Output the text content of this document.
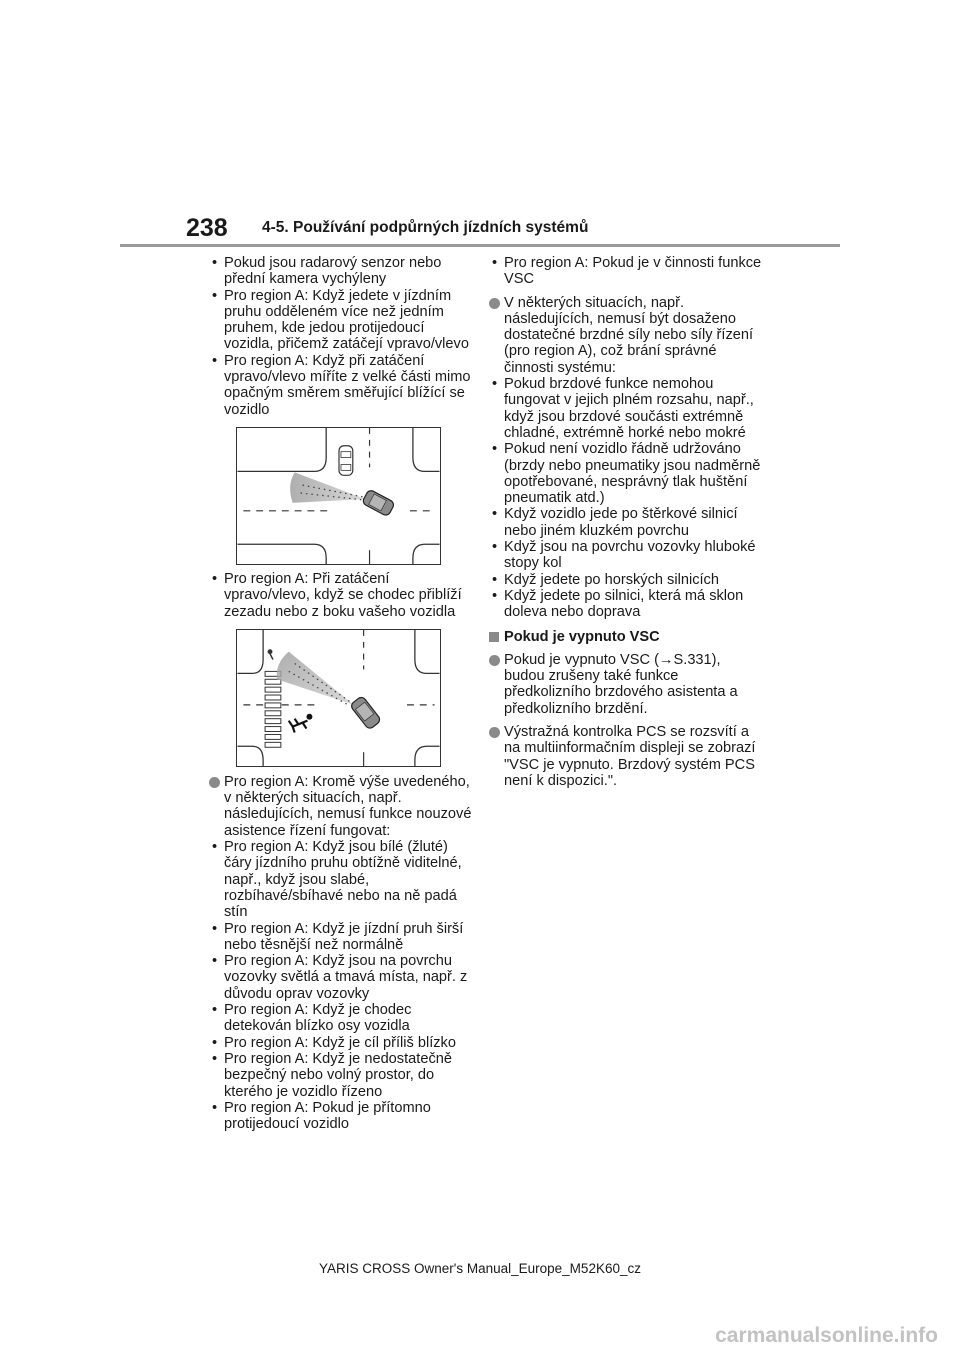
238 4-5. Používání podpůrných jízdních systémů
• Pokud jsou radarový senzor nebo přední kamera vychýleny
• Pro region A: Když jedete v jízdním pruhu odděleném více než jedním pruhem, kde jedou protijedoucí vozidla, přičemž zatáčejí vpravo/vlevo
• Pro region A: Když při zatáčení vpravo/vlevo míříte z velké části mimo opačným směrem směřující blížící se vozidlo
• Pro region A: Při zatáčení vpravo/vlevo, když se chodec přiblíží zezadu nebo z boku vašeho vozidla
Pro region A: Kromě výše uvedeného, v některých situacích, např. následujících, nemusí funkce nouzové asistence řízení fungovat:
• Pro region A: Když jsou bílé (žluté) čáry jízdního pruhu obtížně viditelné, např., když jsou slabé, rozbíhavé/sbíhavé nebo na ně padá stín
• Pro region A: Když je jízdní pruh širší nebo těsnější než normálně
• Pro region A: Když jsou na povrchu vozovky světlá a tmavá místa, např. z důvodu oprav vozovky
• Pro region A: Když je chodec detekován blízko osy vozidla
• Pro region A: Když je cíl příliš blízko
• Pro region A: Když je nedostatečně bezpečný nebo volný prostor, do kterého je vozidlo řízeno
• Pro region A: Pokud je přítomno protijedoucí vozidlo
• Pro region A: Pokud je v činnosti funkce VSC
V některých situacích, např. následujících, nemusí být dosaženo dostatečné brzdné síly nebo síly řízení (pro region A), což brání správné činnosti systému:
• Pokud brzdové funkce nemohou fungovat v jejich plném rozsahu, např., když jsou brzdové součásti extrémně chladné, extrémně horké nebo mokré
• Pokud není vozidlo řádně udržováno (brzdy nebo pneumatiky jsou nadměrně opotřebované, nesprávný tlak huštění pneumatik atd.)
• Když vozidlo jede po štěrkové silnicí nebo jiném kluzkém povrchu
• Když jsou na povrchu vozovky hluboké stopy kol
• Když jedete po horských silnicích
• Když jedete po silnici, která má sklon doleva nebo doprava
Pokud je vypnuto VSC
Pokud je vypnuto VSC (→S.331), budou zrušeny také funkce předkolizního brzdového asistenta a předkolizního brzdění.
Výstražná kontrolka PCS se rozsvítí a na multiinformačním displeji se zobrazí "VSC je vypnuto. Brzdový systém PCS není k dispozici.".
YARIS CROSS Owner's Manual_Europe_M52K60_cz
carmanualsonline.info
